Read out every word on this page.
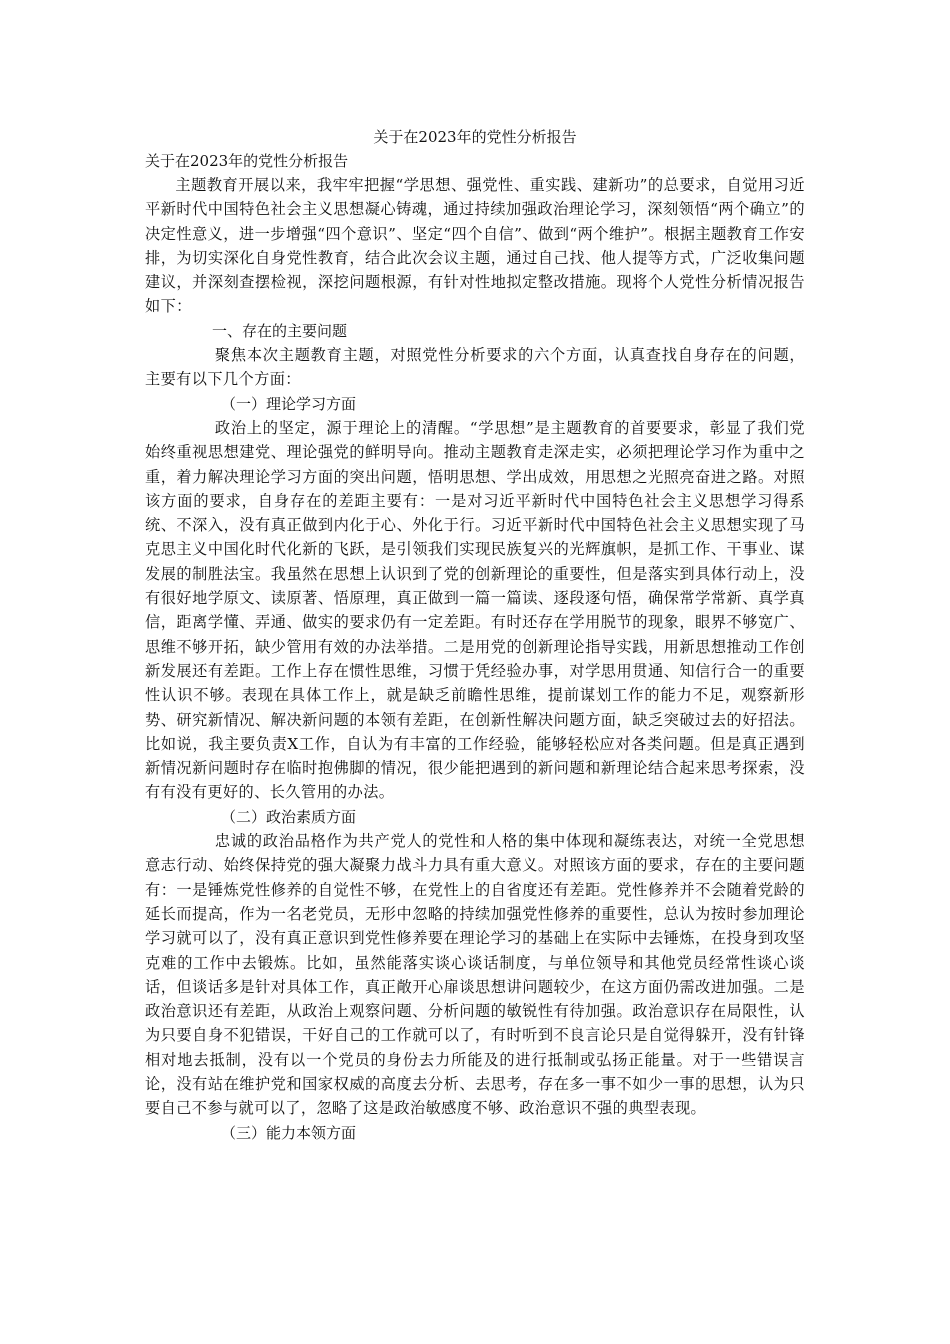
关于在2023年的党性分析报告
关于在2023年的党性分析报告

主题教育开展以来，我牢牢把握“学思想、强党性、重实践、建新功”的总要求，自觉用习近平新时代中国特色社会主义思想凝心铸魂，通过持续加强政治理论学习，深刻领悟“两个确立”的决定性意义，进一步增强“四个意识”、坚定“四个自信”、做到“两个维护”。根据主题教育工作安排，为切实深化自身党性教育，结合此次会议主题，通过自己找、他人提等方式，广泛收集问题建议，并深刻查摆检视，深挖问题根源，有针对性地拟定整改措施。现将个人党性分析情况报告如下：

一、存在的主要问题

聚焦本次主题教育主题，对照党性分析要求的六个方面，认真查找自身存在的问题，主要有以下几个方面：

（一）理论学习方面

政治上的坚定，源于理论上的清醒。“学思想”是主题教育的首要要求，彰显了我们党始终重视思想建党、理论强党的鲜明导向。推动主题教育走深走实，必须把理论学习作为重中之重，着力解决理论学习方面的突出问题，悟明思想、学出成效，用思想之光照亮奋进之路。对照该方面的要求，自身存在的差距主要有：一是对习近平新时代中国特色社会主义思想学习得系统、不深入，没有真正做到内化于心、外化于行。习近平新时代中国特色社会主义思想实现了马克思主义中国化时代化新的飞跃，是引领我们实现民族复兴的光辉旗帜，是抓工作、干事业、谋发展的制胜法宝。我虽然在思想上认识到了党的创新理论的重要性，但是落实到具体行动上，没有很好地学原文、读原著、悟原理，真正做到一篇一篇读、逐段逐句悟，确保常学常新、真学真信，距离学懂、弄通、做实的要求仍有一定差距。有时还存在学用脱节的现象，眼界不够宽广、思维不够开拓，缺少管用有效的办法举措。二是用党的创新理论指导实践，用新思想推动工作创新发展还有差距。工作上存在惯性思维，习惯于凭经验办事，对学思用贯通、知信行合一的重要性认识不够。表现在具体工作上，就是缺乏前瞻性思维，提前谋划工作的能力不足，观察新形势、研究新情况、解决新问题的本领有差距，在创新性解决问题方面，缺乏突破过去的好招法。比如说，我主要负责X工作，自认为有丰富的工作经验，能够轻松应对各类问题。但是真正遇到新情况新问题时存在临时抱佛脚的情况，很少能把遇到的新问题和新理论结合起来思考探索，没有有没有更好的、长久管用的办法。

（二）政治素质方面

忠诚的政治品格作为共产党人的党性和人格的集中体现和凝练表达，对统一全党思想意志行动、始终保持党的强大凝聚力战斗力具有重大意义。对照该方面的要求，存在的主要问题有：一是锤炼党性修养的自觉性不够，在党性上的自省度还有差距。党性修养并不会随着党龄的延长而提高，作为一名老党员，无形中忽略的持续加强党性修养的重要性，总认为按时参加理论学习就可以了，没有真正意识到党性修养要在理论学习的基础上在实际中去锤炼，在投身到攻坚克难的工作中去锻炼。比如，虽然能落实谈心谈话制度，与单位领导和其他党员经常性谈心谈话，但谈话多是针对具体工作，真正敞开心扉谈思想讲问题较少，在这方面仍需改进加强。二是政治意识还有差距，从政治上观察问题、分析问题的敏锐性有待加强。政治意识存在局限性，认为只要自身不犯错误，干好自己的工作就可以了，有时听到不良言论只是自觉得躲开，没有针锋相对地去抵制，没有以一个党员的身份去力所能及的进行抵制或弘扬正能量。对于一些错误言论，没有站在维护党和国家权威的高度去分析、去思考，存在多一事不如少一事的思想，认为只要自己不参与就可以了，忽略了这是政治敏感度不够、政治意识不强的典型表现。

（三）能力本领方面
